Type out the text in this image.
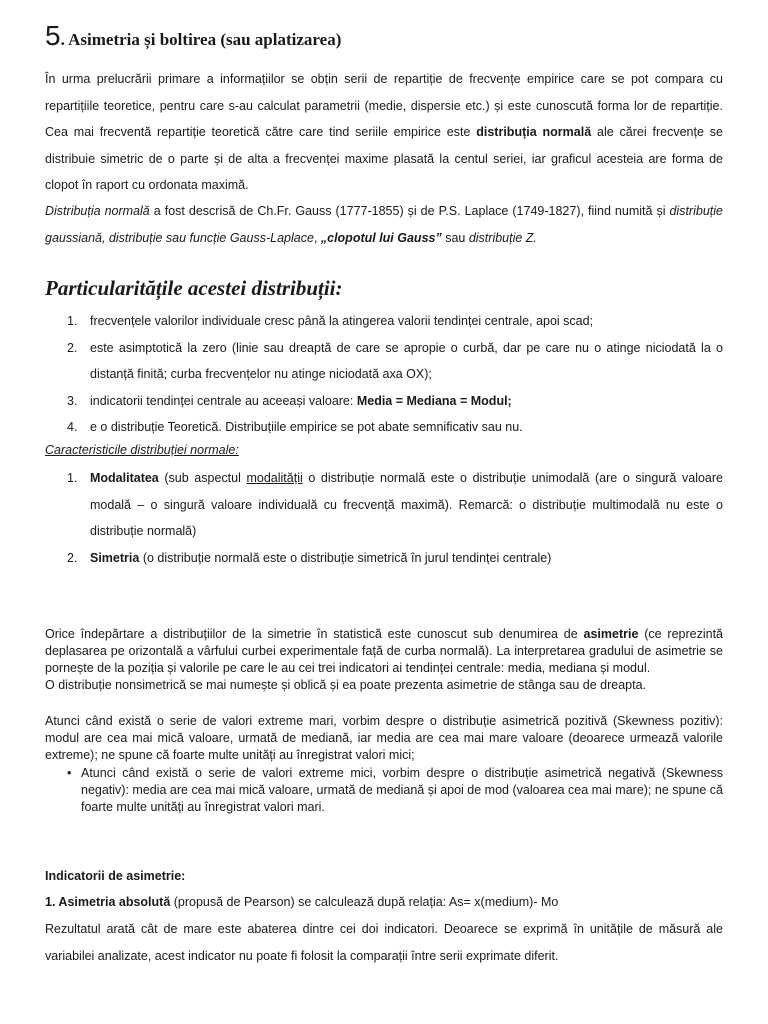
5. Asimetria și boltirea (sau aplatizarea)
În urma prelucrării primare a informațiilor se obțin serii de repartiție de frecvențe empirice care se pot compara cu repartițiile teoretice, pentru care s-au calculat parametrii (medie, dispersie etc.) și este cunoscută forma lor de repartiție. Cea mai frecventă repartiție teoretică către care tind seriile empirice este distribuția normală ale cărei frecvențe se distribuie simetric de o parte și de alta a frecvenței maxime plasată la centul seriei, iar graficul acesteia are forma de clopot în raport cu ordonata maximă.
Distribuția normală a fost descrisă de Ch.Fr. Gauss (1777-1855) și de P.S. Laplace (1749-1827), fiind numită și distribuție gaussiană, distribuție sau funcție Gauss-Laplace, „clopotul lui Gauss” sau distribuție Z.
Particularitățile acestei distribuții:
1. frecvențele valorilor individuale cresc până la atingerea valorii tendinței centrale, apoi scad;
2. este asimptotică la zero (linie sau dreaptă de care se apropie o curbă, dar pe care nu o atinge niciodată la o distanță finită; curba frecvențelor nu atinge niciodată axa OX);
3. indicatorii tendinței centrale au aceeași valoare: Media = Mediana = Modul;
4. e o distribuție Teoretică. Distribuțiile empirice se pot abate semnificativ sau nu.
Caracteristicile distribuției normale:
1. Modalitatea (sub aspectul modalității o distribuție normală este o distribuție unimodală (are o singură valoare modală – o singură valoare individuală cu frecvență maximă). Remarcă: o distribuție multimodală nu este o distribuție normală)
2. Simetria (o distribuție normală este o distribuție simetrică în jurul tendinței centrale)
Orice îndepărtare a distribuțiilor de la simetrie în statistică este cunoscut sub denumirea de asimetrie (ce reprezintă deplasarea pe orizontală a vârfului curbei experimentale față de curba normală). La interpretarea gradului de asimetrie se pornește de la poziția și valorile pe care le au cei trei indicatori ai tendinței centrale: media, mediana și modul.
O distribuție nonsimetrică se mai numește și oblică și ea poate prezenta asimetrie de stânga sau de dreapta.
Atunci când există o serie de valori extreme mari, vorbim despre o distribuție asimetrică pozitivă (Skewness pozitiv): modul are cea mai mică valoare, urmată de mediană, iar media are cea mai mare valoare (deoarece urmează valorile extreme); ne spune că foarte multe unități au înregistrat valori mici;
• Atunci când există o serie de valori extreme mici, vorbim despre o distribuție asimetrică negativă (Skewness negativ): media are cea mai mică valoare, urmată de mediană și apoi de mod (valoarea cea mai mare); ne spune că foarte multe unități au înregistrat valori mari.
Indicatorii de asimetrie:
1. Asimetria absolută (propusă de Pearson) se calculează după relația: As= x(medium)- Mo
Rezultatul arată cât de mare este abaterea dintre cei doi indicatori. Deoarece se exprimă în unitățile de măsură ale variabilei analizate, acest indicator nu poate fi folosit la comparații între serii exprimate diferit.
